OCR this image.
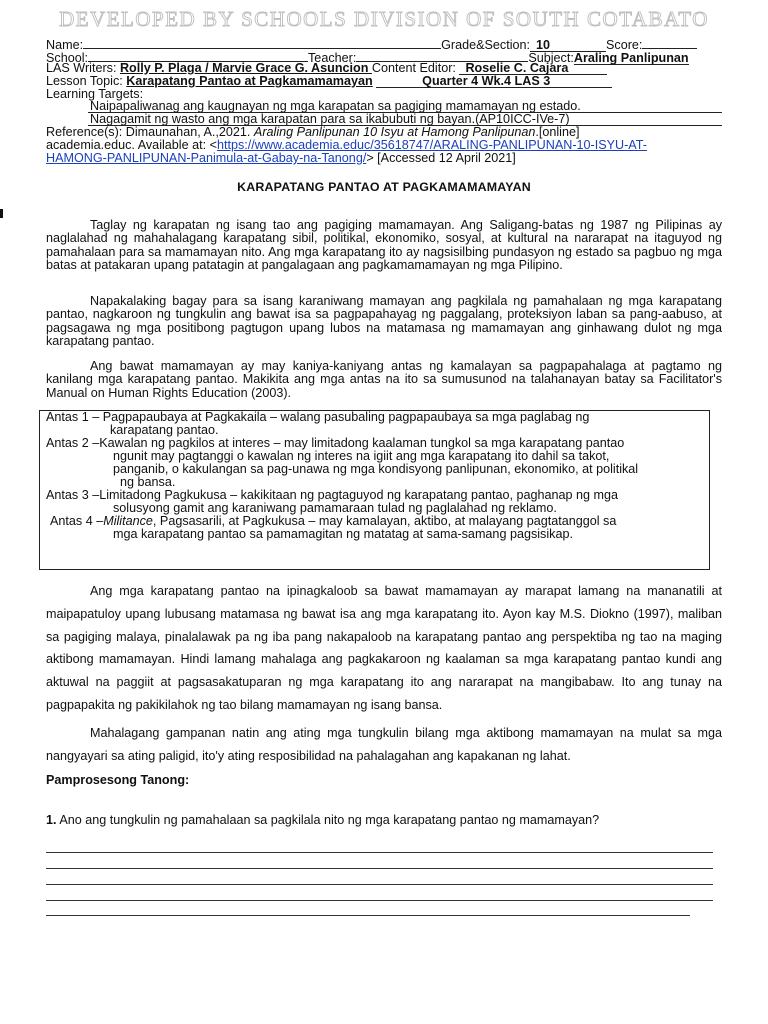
DEVELOPED BY SCHOOLS DIVISION OF SOUTH COTABATO
Name:	Grade&Section: 10	Score:
School:	Teacher:	Subject:Araling Panlipunan
LAS Writers: Rolly P. Plaga / Marvie Grace G. Asuncion Content Editor: Roselie C. Cajara
Lesson Topic: Karapatang Pantao at Pagkamamamayan	Quarter 4 Wk.4 LAS 3
Learning Targets:
Naipapaliwanag ang kaugnayan ng mga karapatan sa pagiging mamamayan ng estado.
Nagagamit ng wasto ang mga karapatan para sa ikabubuti ng bayan.(AP10ICC-IVe-7)
Reference(s): Dimaunahan, A.,2021. Araling Panlipunan 10 Isyu at Hamong Panlipunan.[online]
academia.educ. Available at: <https://www.academia.educ/35618747/ARALING-PANLIPUNAN-10-ISYU-AT-
HAMONG-PANLIPUNAN-Panimula-at-Gabay-na-Tanong/> [Accessed 12 April 2021]
KARAPATANG PANTAO AT PAGKAMAMAMAYAN
Taglay ng karapatan ng isang tao ang pagiging mamamayan. Ang Saligang-batas ng 1987 ng Pilipinas ay naglalahad ng mahahalagang karapatang sibil, politikal, ekonomiko, sosyal, at kultural na nararapat na itaguyod ng pamahalaan para sa mamamayan nito. Ang mga karapatang ito ay nagsisilbing pundasyon ng estado sa pagbuo ng mga batas at patakaran upang patatagin at pangalagaan ang pagkamamamayan ng mga Pilipino.
Napakalaking bagay para sa isang karaniwang mamayan ang pagkilala ng pamahalaan ng mga karapatang pantao, nagkaroon ng tungkulin ang bawat isa sa pagpapahayag ng paggalang, proteksiyon laban sa pang-aabuso, at pagsagawa ng mga positibong pagtugon upang lubos na matamasa ng mamamayan ang ginhawang dulot ng mga karapatang pantao.
Ang bawat mamamayan ay may kaniya-kaniyang antas ng kamalayan sa pagpapahalaga at pagtamo ng kanilang mga karapatang pantao. Makikita ang mga antas na ito sa sumusunod na talahanayan batay sa Facilitator's Manual on Human Rights Education (2003).
Antas 1 – Pagpapaubaya at Pagkakaila – walang pasubaling pagpapaubaya sa mga paglabag ng
karapatang pantao.
Antas 2 –Kawalan ng pagkilos at interes – may limitadong kaalaman tungkol sa mga karapatang pantao
ngunit may pagtanggi o kawalan ng interes na igiit ang mga karapatang ito dahil sa takot,
panganib, o kakulangan sa pag-unawa ng mga kondisyong panlipunan, ekonomiko, at politikal
ng bansa.
Antas 3 –Limitadong Pagkukusa – kakikitaan ng pagtaguyod ng karapatang pantao, paghanap ng mga
solusyong gamit ang karaniwang pamamaraan tulad ng paglalahad ng reklamo.
Antas 4 –Militance, Pagsasarili, at Pagkukusa – may kamalayan, aktibo, at malayang pagtatanggol sa
mga karapatang pantao sa pamamagitan ng matatag at sama-samang pagsisikap.
Ang mga karapatang pantao na ipinagkaloob sa bawat mamamayan ay marapat lamang na mananatili at maipapatuloy upang lubusang matamasa ng bawat isa ang mga karapatang ito. Ayon kay M.S. Diokno (1997), maliban sa pagiging malaya, pinalalawak pa ng iba pang nakapaloob na karapatang pantao ang perspektiba ng tao na maging aktibong mamamayan. Hindi lamang mahalaga ang pagkakaroon ng kaalaman sa mga karapatang pantao kundi ang aktuwal na paggiit at pagsasakatuparan ng mga karapatang ito ang nararapat na mangibabaw. Ito ang tunay na pagpapakita ng pakikilahok ng tao bilang mamamayan ng isang bansa.
Mahalagang gampanan natin ang ating mga tungkulin bilang mga aktibong mamamayan na mulat sa mga nangyayari sa ating paligid, ito'y ating resposibilidad na pahalagahan ang kapakanan ng lahat.
Pamprosesong Tanong:
1. Ano ang tungkulin ng pamahalaan sa pagkilala nito ng mga karapatang pantao ng mamamayan?
